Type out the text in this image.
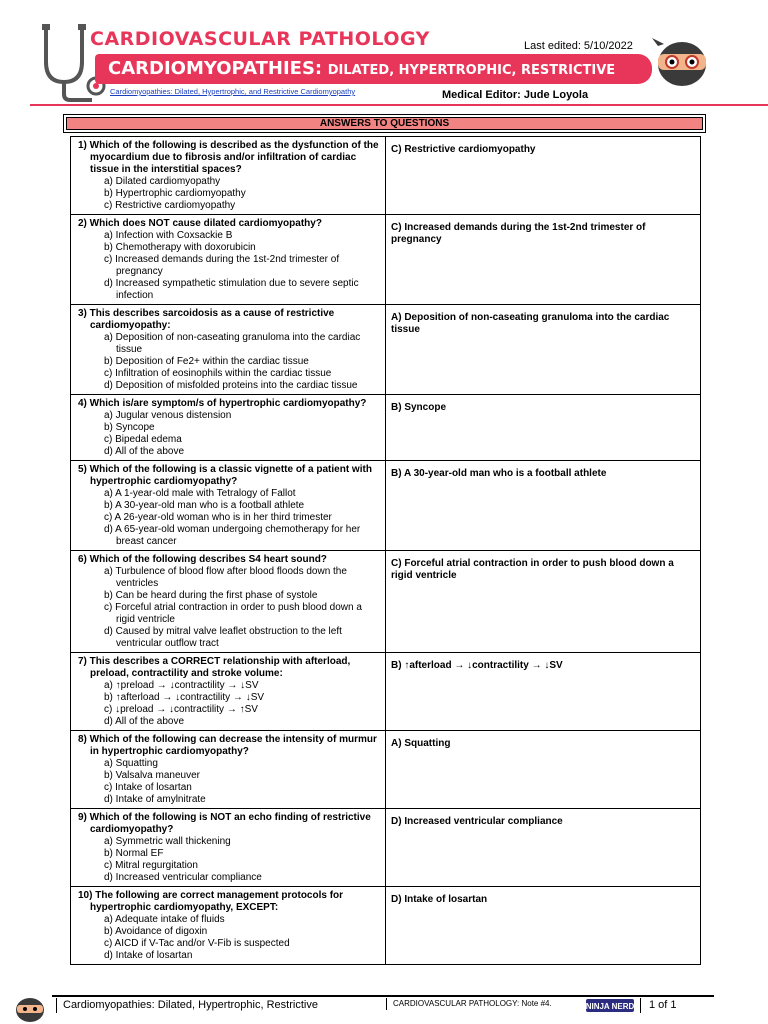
CARDIOVASCULAR PATHOLOGY	Last edited: 5/10/2022
CARDIOMYOPATHIES: DILATED, HYPERTROPHIC, RESTRICTIVE
Cardiomyopathies: Dilated, Hypertrophic, and Restrictive Cardiomyopathy	Medical Editor: Jude Loyola
ANSWERS TO QUESTIONS
1) Which of the following is described as the dysfunction of the myocardium due to fibrosis and/or infiltration of cardiac tissue in the interstitial spaces?
a) Dilated cardiomyopathy
b) Hypertrophic cardiomyopathy
c) Restrictive cardiomyopathy	C) Restrictive cardiomyopathy

2) Which does NOT cause dilated cardiomyopathy?
a) Infection with Coxsackie B
b) Chemotherapy with doxorubicin
c) Increased demands during the 1st-2nd trimester of pregnancy
d) Increased sympathetic stimulation due to severe septic infection	C) Increased demands during the 1st-2nd trimester of pregnancy

3) This describes sarcoidosis as a cause of restrictive cardiomyopathy:
a) Deposition of non-caseating granuloma into the cardiac tissue
b) Deposition of Fe2+ within the cardiac tissue
c) Infiltration of eosinophils within the cardiac tissue
d) Deposition of misfolded proteins into the cardiac tissue	A) Deposition of non-caseating granuloma into the cardiac tissue

4) Which is/are symptom/s of hypertrophic cardiomyopathy?
a) Jugular venous distension
b) Syncope
c) Bipedal edema
d) All of the above	B) Syncope

5) Which of the following is a classic vignette of a patient with hypertrophic cardiomyopathy?
a) A 1-year-old male with Tetralogy of Fallot
b) A 30-year-old man who is a football athlete
c) A 26-year-old woman who is in her third trimester
d) A 65-year-old woman undergoing chemotherapy for her breast cancer	B) A 30-year-old man who is a football athlete

6) Which of the following describes S4 heart sound?
a) Turbulence of blood flow after blood floods down the ventricles
b) Can be heard during the first phase of systole
c) Forceful atrial contraction in order to push blood down a rigid ventricle
d) Caused by mitral valve leaflet obstruction to the left ventricular outflow tract	C) Forceful atrial contraction in order to push blood down a rigid ventricle

7) This describes a CORRECT relationship with afterload, preload, contractility and stroke volume:
a) ↑preload → ↓contractility → ↓SV
b) ↑afterload → ↓contractility → ↓SV
c) ↓preload → ↓contractility → ↑SV
d) All of the above	B) ↑afterload → ↓contractility → ↓SV

8) Which of the following can decrease the intensity of murmur in hypertrophic cardiomyopathy?
a) Squatting
b) Valsalva maneuver
c) Intake of losartan
d) Intake of amylnitrate	A) Squatting

9) Which of the following is NOT an echo finding of restrictive cardiomyopathy?
a) Symmetric wall thickening
b) Normal EF
c) Mitral regurgitation
d) Increased ventricular compliance	D) Increased ventricular compliance

10) The following are correct management protocols for hypertrophic cardiomyopathy, EXCEPT:
a) Adequate intake of fluids
b) Avoidance of digoxin
c) AICD if V-Tac and/or V-Fib is suspected
d) Intake of losartan	D) Intake of losartan
Cardiomyopathies: Dilated, Hypertrophic, Restrictive	CARDIOVASCULAR PATHOLOGY: Note #4.	NINJA NERD	1 of 1
